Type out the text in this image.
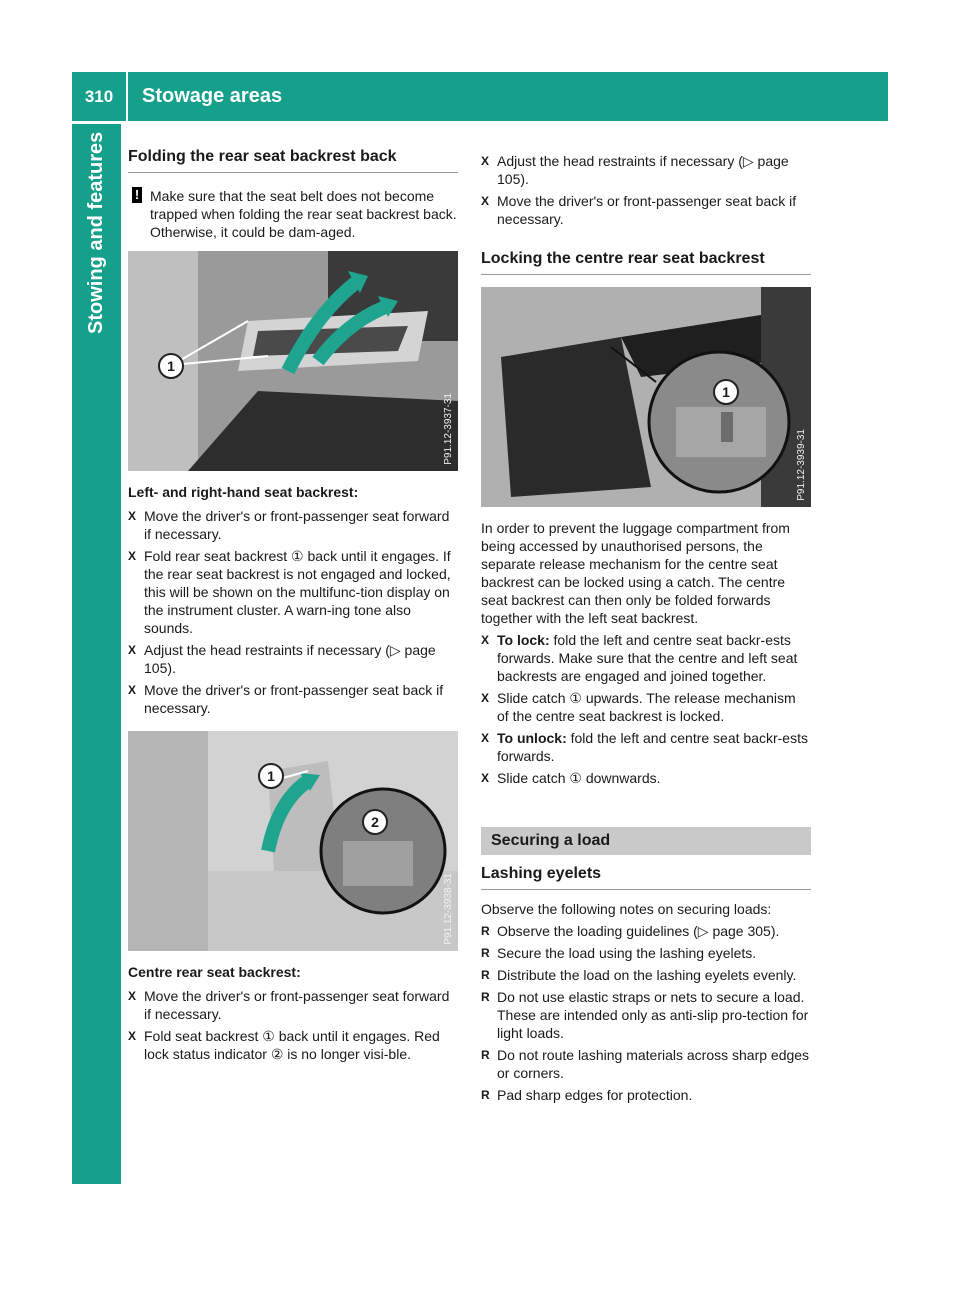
310	Stowage areas
Stowing and features	Folding the rear seat backrest back
! Make sure that the seat belt does not become trapped when folding the rear seat backrest back. Otherwise, it could be dam-aged.
1
P91.12-3937-31

Left- and right-hand seat backrest:

X Move the driver's or front-passenger seat forward if necessary.
X Fold rear seat backrest ① back until it engages. If the rear seat backrest is not engaged and locked, this will be shown on the multifunc-tion display on the instrument cluster. A warn-ing tone also sounds.
X Adjust the head restraints if necessary (▷ page 105).
X Move the driver's or front-passenger seat back if necessary.
1
2
P91.12-3938-31

Centre rear seat backrest:

X Move the driver's or front-passenger seat forward if necessary.
X Fold seat backrest ① back until it engages. Red lock status indicator ② is no longer visi-ble.
X Adjust the head restraints if necessary (▷ page 105).
X Move the driver's or front-passenger seat back if necessary.
Locking the centre rear seat backrest
1
P91.12-3939-31

In order to prevent the luggage compartment from being accessed by unauthorised persons, the separate release mechanism for the centre seat backrest can be locked using a catch. The centre seat backrest can then only be folded forwards together with the left seat backrest.

X To lock: fold the left and centre seat backr-ests forwards. Make sure that the centre and left seat backrests are engaged and joined together.
X Slide catch ① upwards. The release mechanism of the centre seat backrest is locked.
X To unlock: fold the left and centre seat backr-ests forwards.
X Slide catch ① downwards.
Securing a load
Lashing eyelets

Observe the following notes on securing loads:

R Observe the loading guidelines (▷ page 305).
R Secure the load using the lashing eyelets.
R Distribute the load on the lashing eyelets evenly.
R Do not use elastic straps or nets to secure a load. These are intended only as anti-slip pro-tection for light loads.
R Do not route lashing materials across sharp edges or corners.
R Pad sharp edges for protection.
